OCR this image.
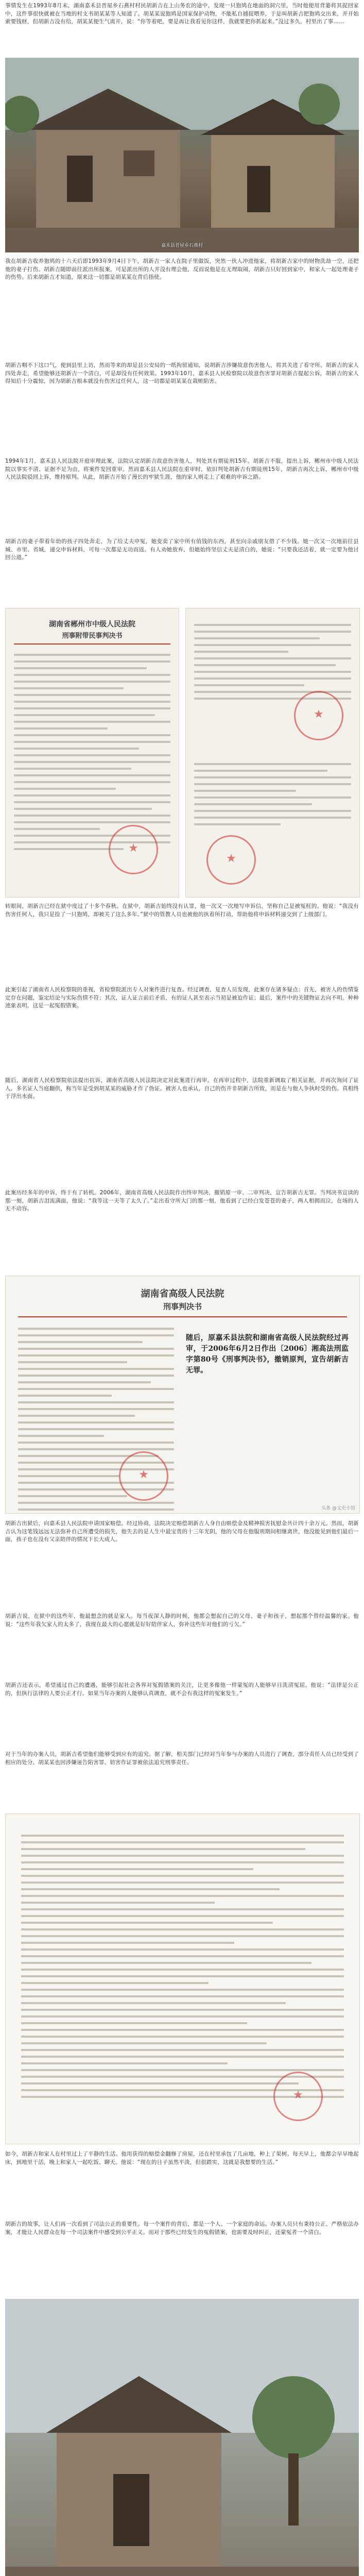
事情发生在1993年8月末，湖南嘉禾县晋屋乡石燕村村民胡新吉在上山务农的途中，发现一只狍鸠在地面的洞穴里，当时他便用背篓将其捉回家中，这件事很快就被在当地的村支书胡某某等人知道了。胡某某说狍鸠是国家保护动物，不能私自捕捉喂养，于是叫胡新吉把狍鸠交出来，并开始索要钱财，但胡新吉没有给，胡某某便生气离开，说：“你等着吧，要是再让我看见你这样，我就要把你抓起来。”没过多久，村里出了事……

嘉禾县晋屋乡石燕村

我在胡新吉收养狍鸠的十六天后即1993年9月4日下午，胡新吉一家人在院子里做饭，突然一伙人冲进他家，将胡新吉家中的财物洗劫一空，还把他的妻子打伤。胡新吉随即前往派出所报案，可是派出所的人并没有理会他，反而说他是在无理取闹，胡新吉只好回到家中，和家人一起处理妻子的伤势。后来胡新吉才知道，原来这一切都是胡某某在背后指使。

胡新吉咽不下这口气，便到县里上访，然而等来的却是县公安局的一纸拘留通知，说胡新吉涉嫌故意伤害他人，将其关进了看守所。胡新吉的家人四处奔走，希望能够还胡新吉一个清白，可是却没有任何效果。1993年10月，嘉禾县人民检察院以故意伤害罪对胡新吉提起公诉，胡新吉的家人得知后十分震惊，因为胡新吉根本就没有伤害过任何人，这一切都是胡某某在栽赃陷害。

1994年1月，嘉禾县人民法院开庭审理此案，法院认定胡新吉故意伤害他人，判处其有期徒刑15年。胡新吉不服，提出上诉，郴州市中级人民法院以事实不清、证据不足为由，将案件发回重审。然而嘉禾县人民法院在重审时，依旧判处胡新吉有期徒刑15年，胡新吉再次上诉，郴州市中级人民法院驳回上诉，维持原判。从此，胡新吉开始了漫长的牢狱生涯，他的家人则走上了艰难的申诉之路。

胡新吉的妻子带着年幼的孩子四处奔走，为了给丈夫申冤，她变卖了家中所有值钱的东西，甚至向亲戚朋友借了不少钱。她一次又一次地前往县城、市里、省城，递交申诉材料，可每一次都是无功而返。有人劝她放弃，但她始终坚信丈夫是清白的，她说：“只要我还活着，就一定要为他讨回公道。”

湖南省郴州市中级人民法院
刑事附带民事判决书
★
★
★

转眼间，胡新吉已经在狱中度过了十多个春秋。在狱中，胡新吉始终没有认罪，他一次又一次地写申诉信，坚称自己是被冤枉的。他说：“我没有伤害任何人，我只是捡了一只狍鸠，却被关了这么多年。”狱中的管教人员也被他的执着所打动，帮助他将申诉材料递交到了上级部门。

此案引起了湖南省人民检察院的重视，省检察院派出专人对案件进行复查。经过调查，复查人员发现，此案存在诸多疑点：首先，被害人的伤情鉴定存在问题，鉴定结论与实际伤情不符；其次，证人证言前后矛盾，有的证人甚至表示当初是被迫作证；最后，案件中的关键物证去向不明。种种迹象表明，这是一起冤假错案。

随后，湖南省人民检察院依法提出抗诉，湖南省高级人民法院决定对此案进行再审。在再审过程中，法院重新调取了相关证据，并再次询问了证人。多名证人当庭翻供，称当年是受到胡某某的威胁才作了伪证。被害人也承认，自己的伤并非胡新吉所致，而是在与他人争执时受的伤。真相终于浮出水面。

此案历经多年的申诉，终于有了转机。2006年，湖南省高级人民法院作出终审判决，撤销原一审、二审判决，宣告胡新吉无罪。当判决书宣读的那一刻，胡新吉泪流满面，他说：“我等这一天等了太久了。”走出看守所大门的那一刻，他看到了已经白发苍苍的妻子，两人相拥而泣，在场的人无不动容。

湖南省高级人民法院
刑事判决书
★

随后，原嘉禾县法院和湖南省高级人民法院经过再审，于2006年6月2日作出〔2006〕湘高法刑监字第80号《刑事判决书》，撤销原判，宣告胡新吉无罪。

头条 @文史小馆

胡新吉出狱后，向嘉禾县人民法院申请国家赔偿。经过协商，法院决定赔偿胡新吉人身自由赔偿金及精神损害抚慰金共计四十余万元。然而，胡新吉认为这笔钱远远无法弥补自己所遭受的损失，他失去的是人生中最宝贵的十三年光阴，他的父母在他服刑期间相继离世，他没能见到他们最后一面，孩子也在没有父亲陪伴的情况下长大成人。

胡新吉说，在狱中的这些年，他最想念的就是家人。每当夜深人静的时候，他都会想起自己的父母、妻子和孩子，想起那个曾经温馨的家。他说：“这些年我欠家人的太多了，我现在最大的心愿就是好好陪伴家人，弥补这些年对他们的亏欠。”

胡新吉还表示，希望通过自己的遭遇，能够引起社会各界对冤假错案的关注，让更多像他一样蒙冤的人能够早日洗清冤屈。他说：“法律是公正的，但执行法律的人要公正才行。如果当年办案的人能够认真调查，就不会有我这样的冤案发生。”

对于当年的办案人员，胡新吉希望他们能够受到应有的追究。据了解，相关部门已经对当年参与办案的人员进行了调查，部分责任人员已经受到了相应的处分。胡某某也因涉嫌诬告陷害罪、妨害作证罪被依法追究刑事责任。

★

如今，胡新吉和家人在村里过上了平静的生活。他用获得的赔偿金翻修了房屋，还在村里承包了几亩地，种上了果树。每天早上，他都会早早地起床，到地里干活，晚上和家人一起吃饭、聊天。他说：“现在的日子虽然平淡，但很踏实，这就是我想要的生活。”

胡新吉的故事，让人们再一次看到了司法公正的重要性。每一个案件的背后，都是一个人、一个家庭的命运。办案人员只有秉持公正、严格依法办案，才能让人民群众在每一个司法案件中感受到公平正义。而对于那些已经发生的冤假错案，也需要及时纠正，还蒙冤者一个清白。
